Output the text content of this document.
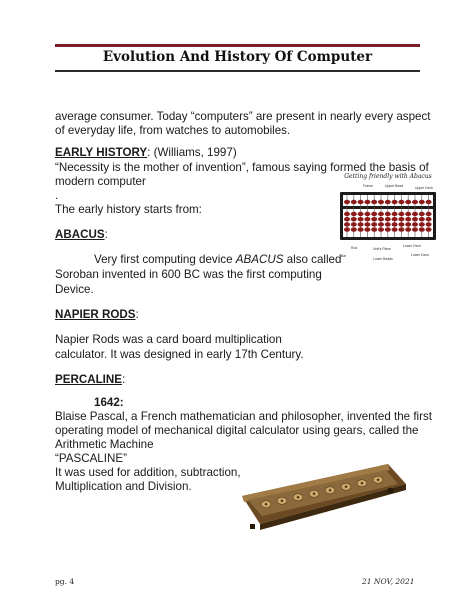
Evolution And History Of Computer
average consumer. Today “computers” are present in nearly every aspect
of everyday life, from watches to automobiles.
EARLY HISTORY: (Williams, 1997)
“Necessity is the mother of invention”, famous saying formed the basis of
modern computer
.
The early history starts from:
Getting friendly with Abacus
Frame	Upper Bead	Upper Deck
Rod	Unit's Place
Lower Deck
Bar
Lower Beads
Lower Deck
ABACUS:
Very first computing device ABACUS also called
Soroban invented in 600 BC was the first computing
Device.
NAPIER RODS:
Napier Rods was a card board multiplication
calculator. It was designed in early 17th Century.
PERCALINE:
1642:
Blaise Pascal, a French mathematician and philosopher, invented the first
operating model of mechanical digital calculator using gears, called the
Arithmetic Machine
“PASCALINE”
It was used for addition, subtraction,
Multiplication and Division.
pg. 4	21 NOV, 2021
